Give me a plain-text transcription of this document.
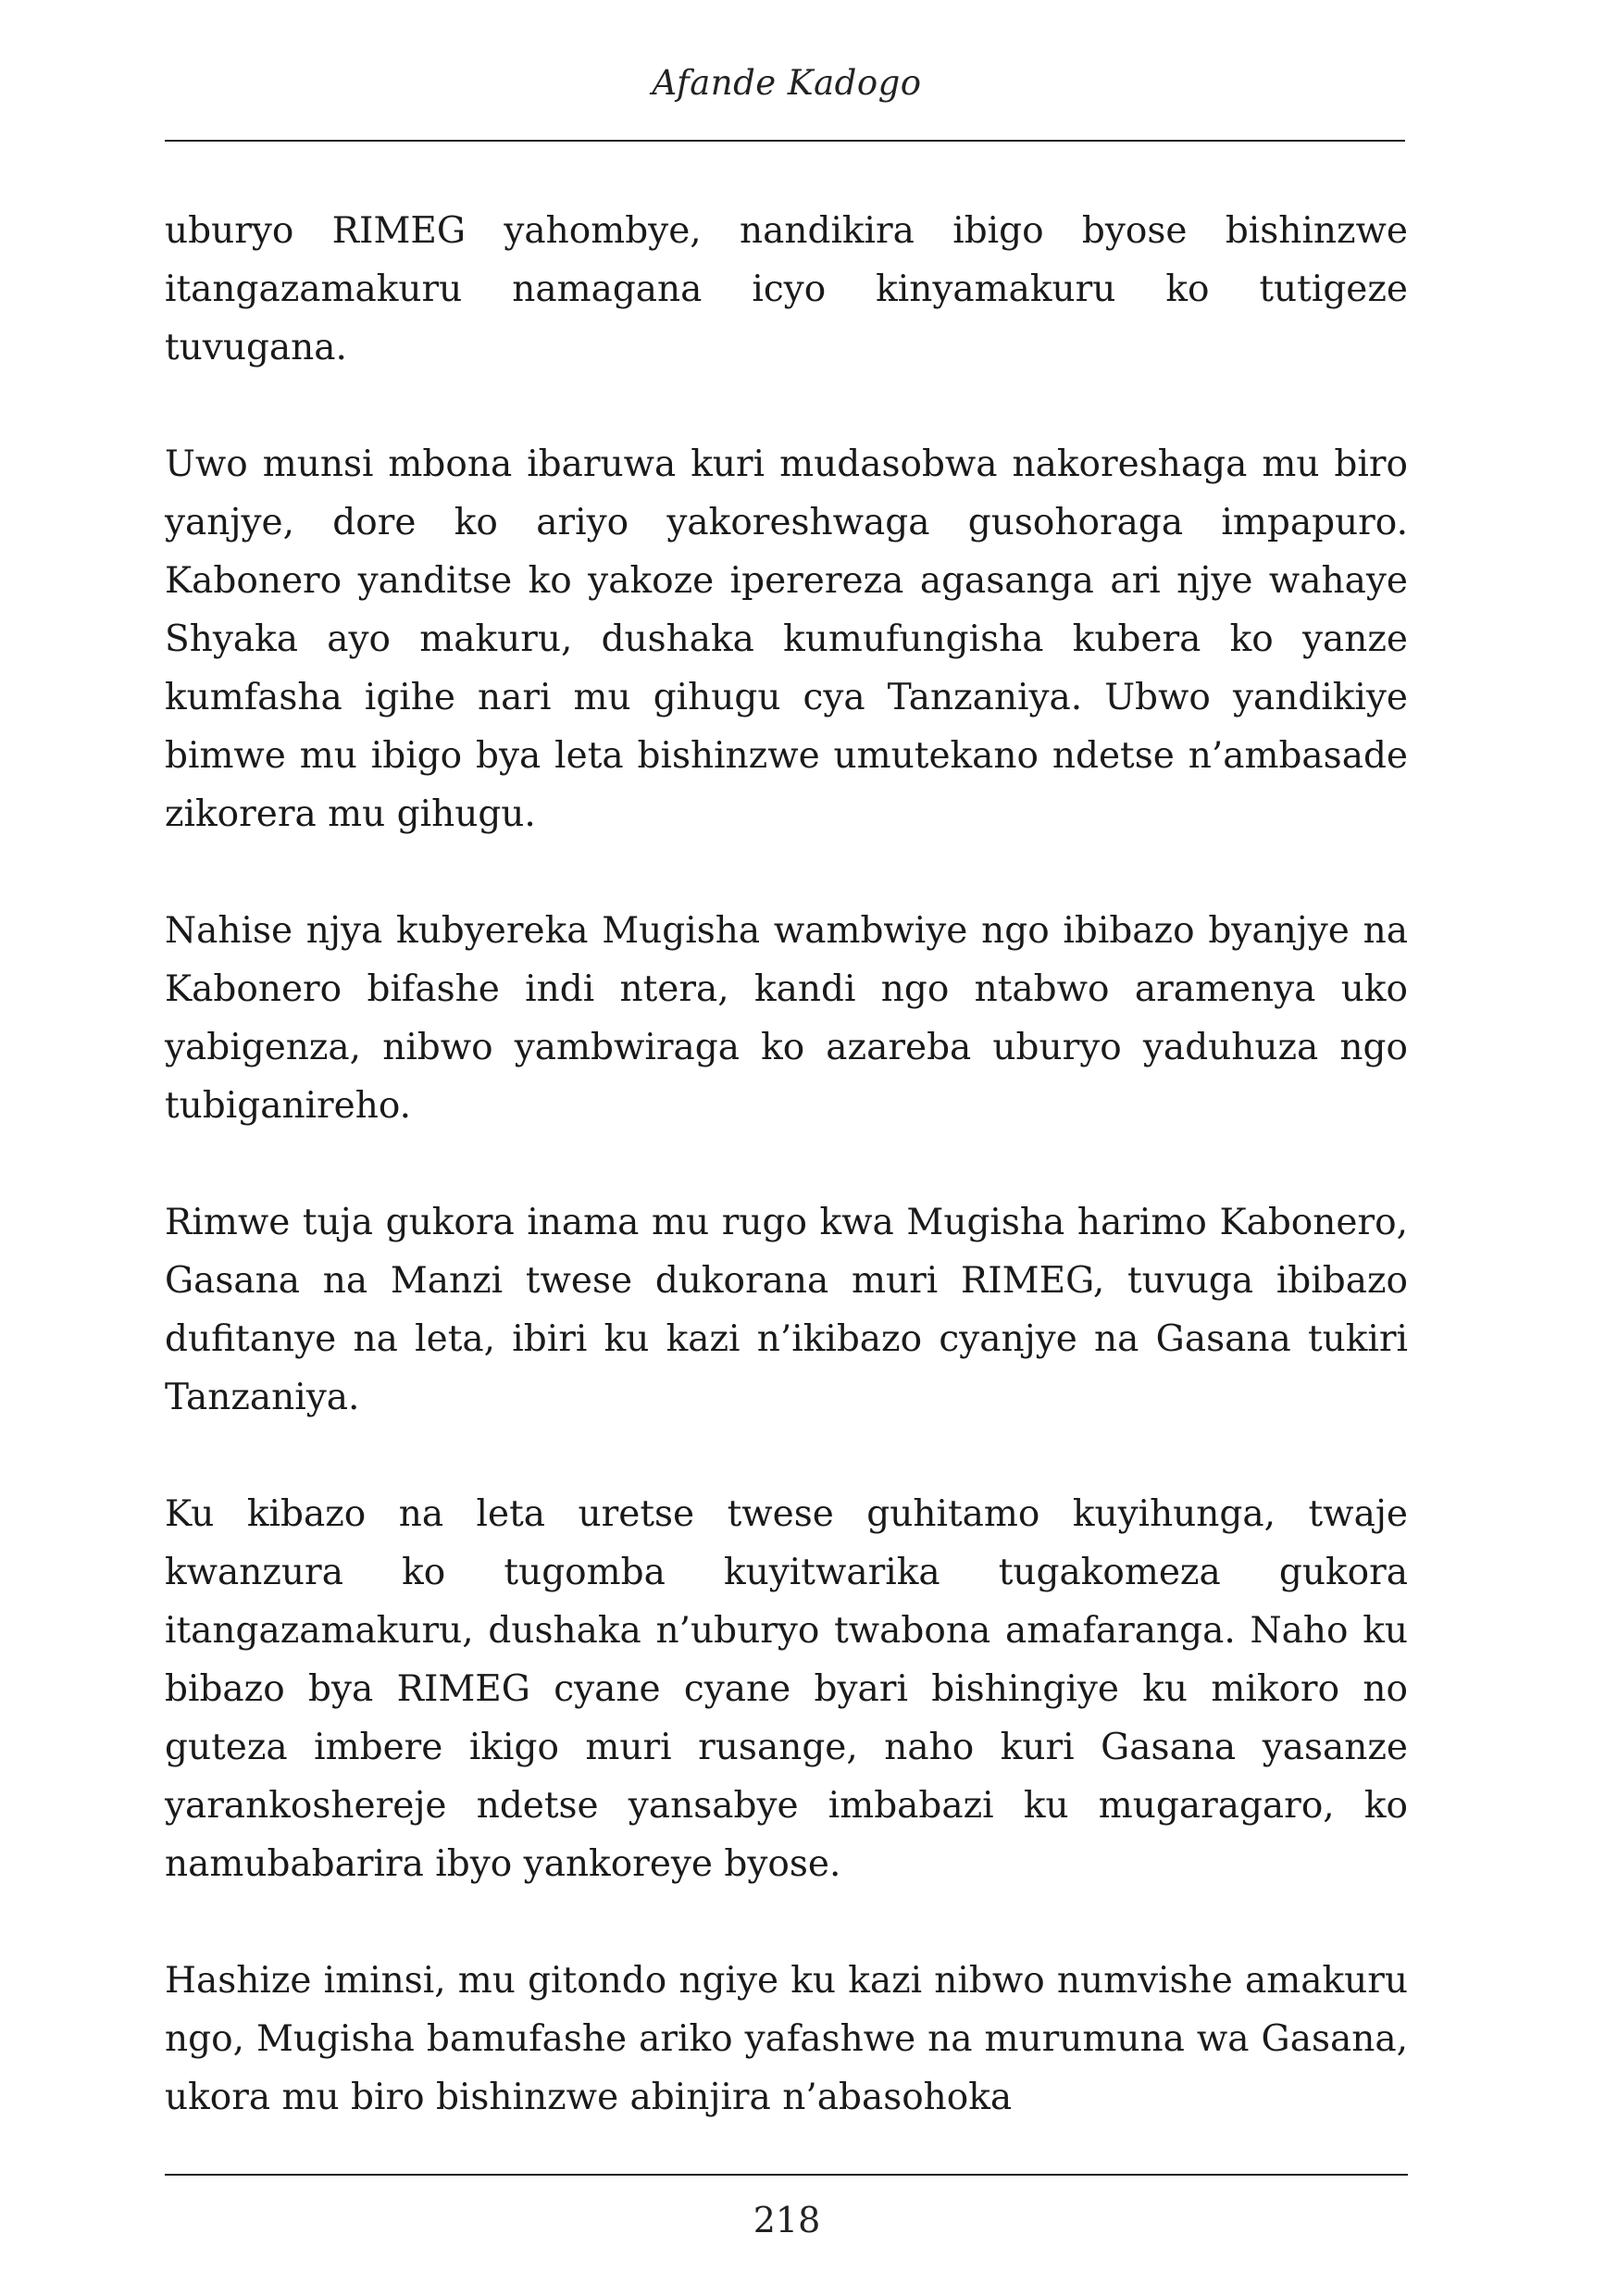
Afande Kadogo

uburyo RIMEG yahombye, nandikira ibigo byose bishinzwe itangazamakuru namagana icyo kinyamakuru ko tutigeze tuvugana.

Uwo munsi mbona ibaruwa kuri mudasobwa nakoreshaga mu biro yanjye, dore ko ariyo yakoreshwaga gusohoraga impapuro. Kabonero yanditse ko yakoze iperereza agasanga ari njye wahaye Shyaka ayo makuru, dushaka kumufungisha kubera ko yanze kumfasha igihe nari mu gihugu cya Tanzaniya. Ubwo yandikiye bimwe mu ibigo bya leta bishinzwe umutekano ndetse n’ambasade zikorera mu gihugu.

Nahise njya kubyereka Mugisha wambwiye ngo ibibazo byanjye na Kabonero bifashe indi ntera, kandi ngo ntabwo aramenya uko yabigenza, nibwo yambwiraga ko azareba uburyo yaduhuza ngo tubiganireho.

Rimwe tuja gukora inama mu rugo kwa Mugisha harimo Kabonero, Gasana na Manzi twese dukorana muri RIMEG, tuvuga ibibazo dufitanye na leta, ibiri ku kazi n’ikibazo cyanjye na Gasana tukiri Tanzaniya.

Ku kibazo na leta uretse twese guhitamo kuyihunga, twaje kwanzura ko tugomba kuyitwarika tugakomeza gukora itangazamakuru, dushaka n’uburyo twabona amafaranga. Naho ku bibazo bya RIMEG cyane cyane byari bishingiye ku mikoro no guteza imbere ikigo muri rusange, naho kuri Gasana yasanze yarankoshereje ndetse yansabye imbabazi ku mugaragaro, ko namubabarira ibyo yankoreye byose.

Hashize iminsi, mu gitondo ngiye ku kazi nibwo numvishe amakuru ngo, Mugisha bamufashe ariko yafashwe na murumuna wa Gasana, ukora mu biro bishinzwe abinjira n’abasohoka

218
